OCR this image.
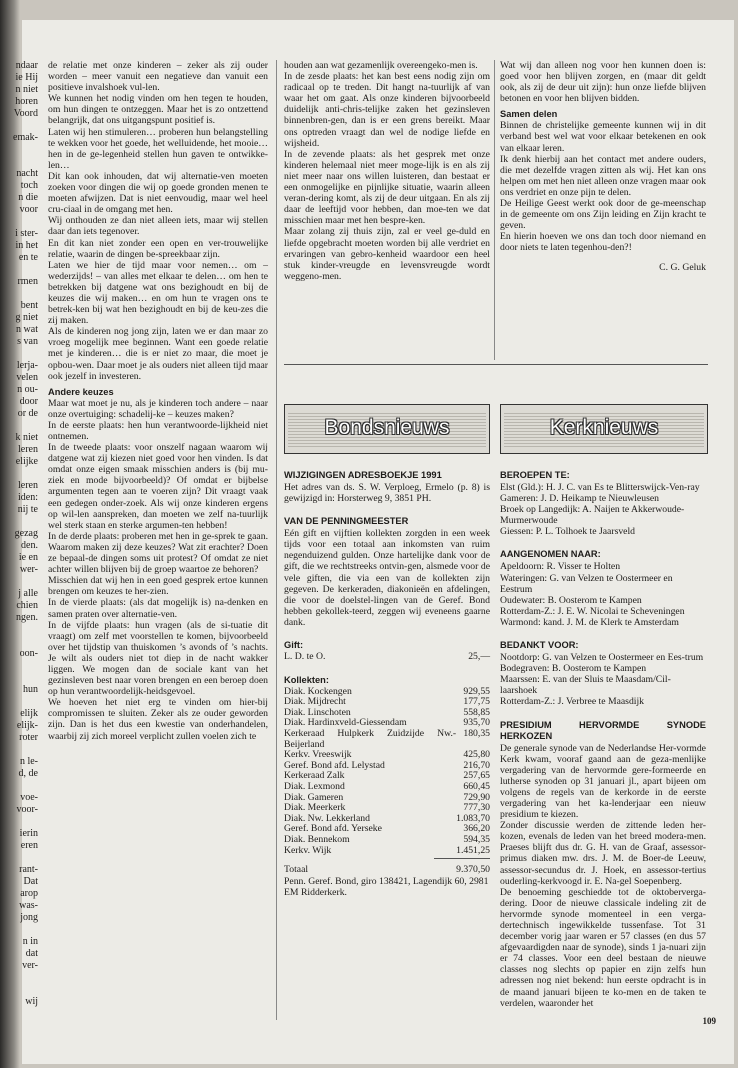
ndaar
ie Hij
n niet
horen
Voord
emak-
nacht
toch
n die
voor
i ster-
in het
en te
rmen
bent
g niet
n wat
s van
lerja-
velen
n ou-
door
or de
k niet
leren
elijke
leren
iden:
nij te
gezag
den.
ie en
wer-
j alle
chien
ngen.
oon-
hun
elijk
elijk-
roter
n le-
d, de
voe-
voor-
ierin
eren
rant-
Dat
arop
was-
jong
n in
dat
ver-
wij

de relatie met onze kinderen – zeker als zij ouder worden – meer vanuit een negatieve dan vanuit een positieve invalshoek vul-len.

We kunnen het nodig vinden om hen tegen te houden, om hun dingen te ontzeggen. Maar het is zo ontzettend belangrijk, dat ons uitgangspunt positief is.

Laten wij hen stimuleren… proberen hun belangstelling te wekken voor het goede, het welluidende, het mooie… hen in de ge-legenheid stellen hun gaven te ontwikke-len…

Dit kan ook inhouden, dat wij alternatie-ven moeten zoeken voor dingen die wij op goede gronden menen te moeten afwijzen. Dat is niet eenvoudig, maar wel heel cru-ciaal in de omgang met hen.

Wij onthouden ze dan niet alleen iets, maar wij stellen daar dan iets tegenover.

En dit kan niet zonder een open en ver-trouwelijke relatie, waarin de dingen be-spreekbaar zijn.

Laten we hier de tijd maar voor nemen… om – wederzijds! – van alles met elkaar te delen… om hen te betrekken bij datgene wat ons bezighoudt en bij de keuzes die wij maken… en om hun te vragen ons te betrek-ken bij wat hen bezighoudt en bij de keu-zes die zij maken.

Als de kinderen nog jong zijn, laten we er dan maar zo vroeg mogelijk mee beginnen. Want een goede relatie met je kinderen… die is er niet zo maar, die moet je opbou-wen. Daar moet je als ouders niet alleen tijd maar ook jezelf in investeren.

Andere keuzes

Maar wat moet je nu, als je kinderen toch andere – naar onze overtuiging: schadelij-ke – keuzes maken?

In de eerste plaats: hen hun verantwoorde-lijkheid niet ontnemen.

In de tweede plaats: voor onszelf nagaan waarom wij datgene wat zij kiezen niet goed voor hen vinden. Is dat omdat onze eigen smaak misschien anders is (bij mu-ziek en mode bijvoorbeeld)? Of omdat er bijbelse argumenten tegen aan te voeren zijn? Dit vraagt vaak een gedegen onder-zoek. Als wij onze kinderen ergens op wil-len aanspreken, dan moeten we zelf na-tuurlijk wel sterk staan en sterke argumen-ten hebben!

In de derde plaats: proberen met hen in ge-sprek te gaan. Waarom maken zij deze keuzes? Wat zit erachter? Doen ze bepaal-de dingen soms uit protest? Of omdat ze niet achter willen blijven bij de groep waartoe ze behoren?

Misschien dat wij hen in een goed gesprek ertoe kunnen brengen om keuzes te her-zien.

In de vierde plaats: (als dat mogelijk is) na-denken en samen praten over alternatie-ven.

In de vijfde plaats: hun vragen (als de si-tuatie dit vraagt) om zelf met voorstellen te komen, bijvoorbeeld over het tijdstip van thuiskomen ’s avonds of ’s nachts. Je wilt als ouders niet tot diep in de nacht wakker liggen. We mogen dan de sociale kant van het gezinsleven best naar voren brengen en een beroep doen op hun verantwoordelijk-heidsgevoel.

We hoeven het niet erg te vinden om hier-bij compromissen te sluiten. Zeker als ze ouder geworden zijn. Dan is het dus een kwestie van onderhandelen, waarbij zij zich moreel verplicht zullen voelen zich te

houden aan wat gezamenlijk overeengeko-men is.

In de zesde plaats: het kan best eens nodig zijn om radicaal op te treden. Dit hangt na-tuurlijk af van waar het om gaat. Als onze kinderen bijvoorbeeld duidelijk anti-chris-telijke zaken het gezinsleven binnenbren-gen, dan is er een grens bereikt. Maar ons optreden vraagt dan wel de nodige liefde en wijsheid.

In de zevende plaats: als het gesprek met onze kinderen helemaal niet meer moge-lijk is en als zij niet meer naar ons willen luisteren, dan bestaat er een onmogelijke en pijnlijke situatie, waarin alleen veran-dering komt, als zij de deur uitgaan. En als zij daar de leeftijd voor hebben, dan moe-ten we dat misschien maar met hen bespre-ken.

Maar zolang zij thuis zijn, zal er veel ge-duld en liefde opgebracht moeten worden bij alle verdriet en ervaringen van gebro-kenheid waardoor een heel stuk kinder-vreugde en levensvreugde wordt weggeno-men.

Wat wij dan alleen nog voor hen kunnen doen is: goed voor hen blijven zorgen, en (maar dit geldt ook, als zij de deur uit zijn): hun onze liefde blijven betonen en voor hen blijven bidden.

Samen delen

Binnen de christelijke gemeente kunnen wij in dit verband best wel wat voor elkaar betekenen en ook van elkaar leren.

Ik denk hierbij aan het contact met andere ouders, die met dezelfde vragen zitten als wij. Het kan ons helpen om met hen niet alleen onze vragen maar ook ons verdriet en onze pijn te delen.

De Heilige Geest werkt ook door de ge-meenschap in de gemeente om ons Zijn leiding en Zijn kracht te geven.

En hierin hoeven we ons dan toch door niemand en door niets te laten tegenhou-den?!

C. G. Geluk
Bondsnieuws	Kerknieuws
WIJZIGINGEN ADRESBOEKJE 1991

Het adres van ds. S. W. Verploeg, Ermelo (p. 8) is gewijzigd in: Horsterweg 9, 3851 PH.

VAN DE PENNINGMEESTER

Eén gift en vijftien kollekten zorgden in een week tijds voor een totaal aan inkomsten van ruim negenduizend gulden. Onze hartelijke dank voor de gift, die we rechtstreeks ontvin-gen, alsmede voor de vele giften, die via een van de kollekten zijn gegeven. De kerkeraden, diakonieën en afdelingen, die voor de doelstel-lingen van de Geref. Bond hebben gekollek-teerd, zeggen wij eveneens gaarne dank.

Gift:
L. D. te O.	25,—
Kollekten:
Diak. Kockengen	929,55
Diak. Mijdrecht	177,75
Diak. Linschoten	558,85
Diak. Hardinxveld-Giessendam	935,70
Kerkeraad Hulpkerk Zuidzijde Nw.-Beijerland	180,35
Kerkv. Vreeswijk	425,80
Geref. Bond afd. Lelystad	216,70
Kerkeraad Zalk	257,65
Diak. Lexmond	660,45
Diak. Gameren	729,90
Diak. Meerkerk	777,30
Diak. Nw. Lekkerland	1.083,70
Geref. Bond afd. Yerseke	366,20
Diak. Bennekom	594,35
Kerkv. Wijk	1.451,25
Totaal	9.370,50

Penn. Geref. Bond, giro 138421, Lagendijk 60, 2981 EM Ridderkerk.

BEROEPEN TE:

Elst (Gld.): H. J. C. van Es te Blitterswijck-Ven-ray

Gameren: J. D. Heikamp te Nieuwleusen

Broek op Langedijk: A. Naijen te Akkerwoude-Murmerwoude

Giessen: P. L. Tolhoek te Jaarsveld

AANGENOMEN NAAR:

Apeldoorn: R. Visser te Holten

Wateringen: G. van Velzen te Oostermeer en Eestrum

Oudewater: B. Oosterom te Kampen

Rotterdam-Z.: J. E. W. Nicolai te Scheveningen

Warmond: kand. J. M. de Klerk te Amsterdam

BEDANKT VOOR:

Nootdorp: G. van Velzen te Oostermeer en Ees-trum

Bodegraven: B. Oosterom te Kampen

Maarssen: E. van der Sluis te Maasdam/Cil-laarshoek

Rotterdam-Z.: J. Verbree te Maasdijk

PRESIDIUM HERVORMDE SYNODE HERKOZEN

De generale synode van de Nederlandse Her-vormde Kerk kwam, vooraf gaand aan de geza-menlijke vergadering van de hervormde gere-formeerde en lutherse synoden op 31 januari jl., apart bijeen om volgens de regels van de kerkorde in de eerste vergadering van het ka-lenderjaar een nieuw presidium te kiezen.

Zonder discussie werden de zittende leden her-kozen, evenals de leden van het breed modera-men. Praeses blijft dus dr. G. H. van de Graaf, assessor-primus diaken mw. drs. J. M. de Boer-de Leeuw, assessor-secundus dr. J. Hoek, en assessor-tertius ouderling-kerkvoogd ir. E. Na-gel Soepenberg.

De benoeming geschiedde tot de oktoberverga-dering. Door de nieuwe classicale indeling zit de hervormde synode momenteel in een verga-dertechnisch ingewikkelde tussenfase. Tot 31 december vorig jaar waren er 57 classes (en dus 57 afgevaardigden naar de synode), sinds 1 ja-nuari zijn er 74 classes. Voor een deel bestaan de nieuwe classes nog slechts op papier en zijn zelfs hun adressen nog niet bekend: hun eerste opdracht is in de maand januari bijeen te ko-men en de taken te verdelen, waaronder het

109
